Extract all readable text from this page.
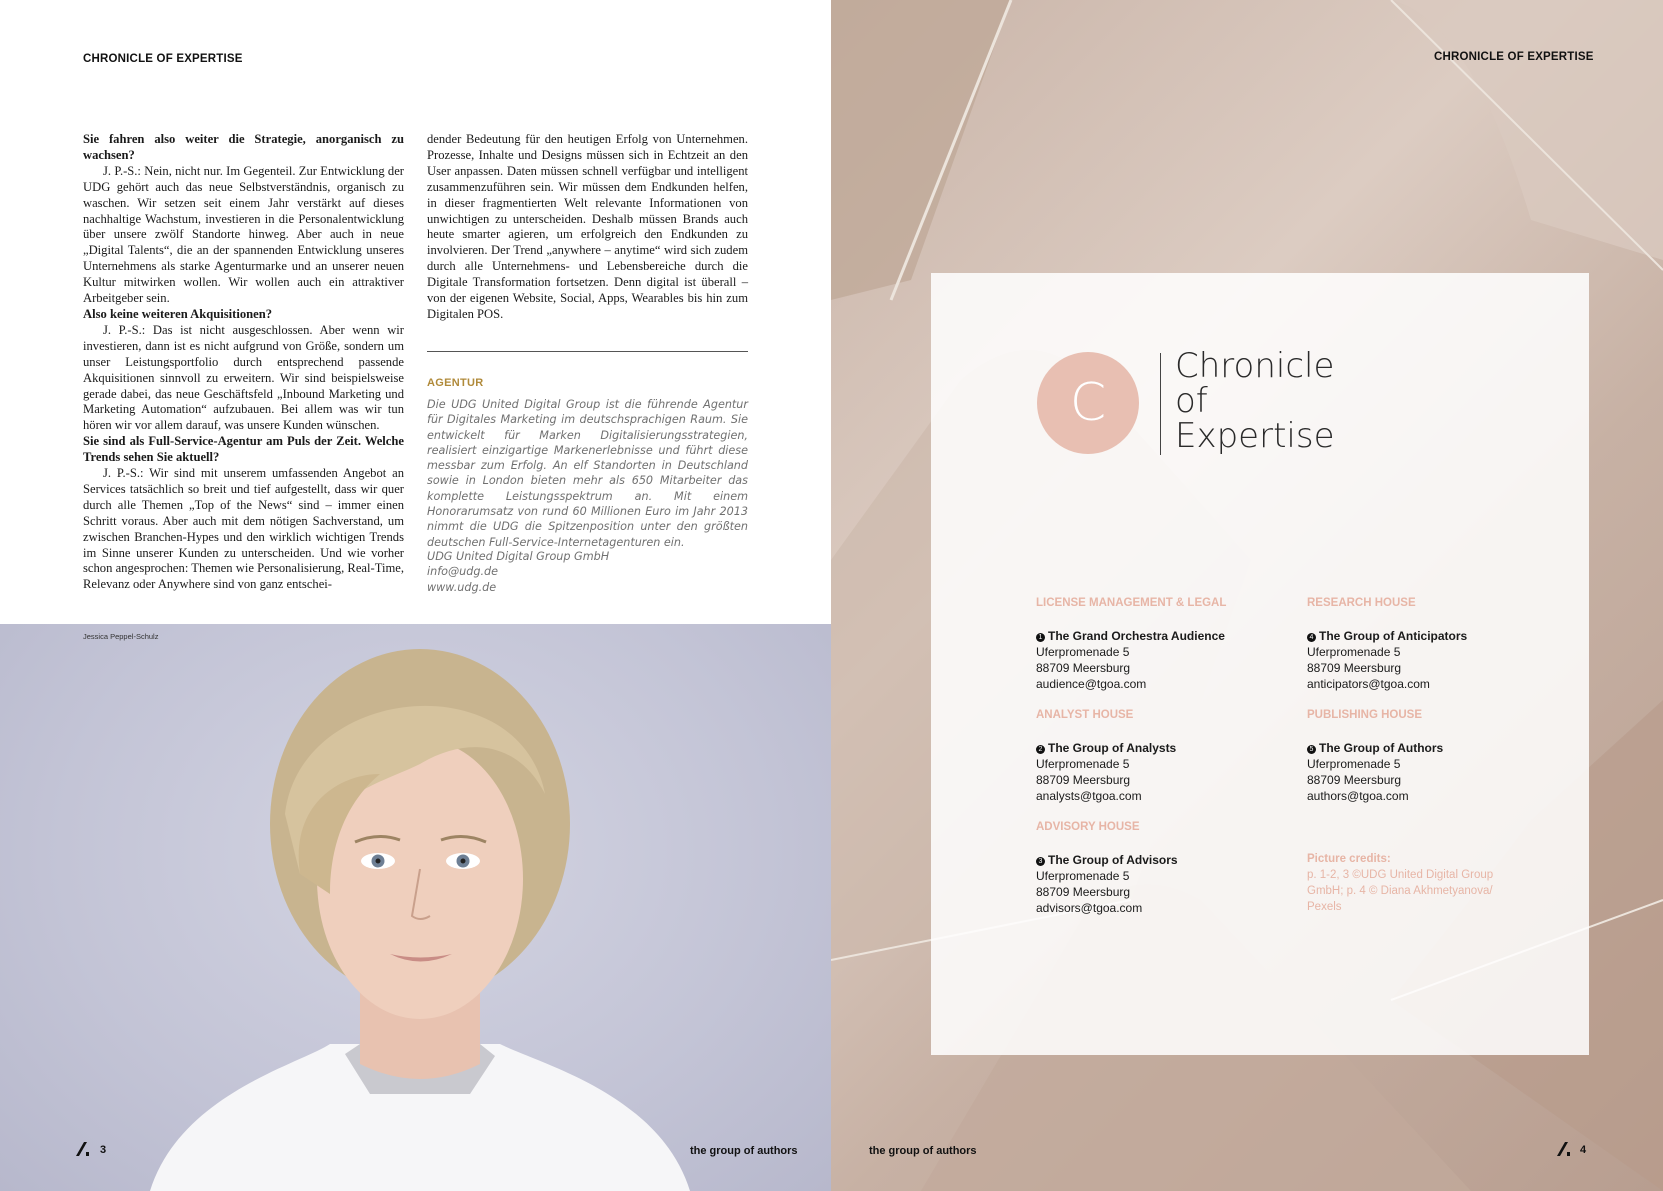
CHRONICLE OF EXPERTISE

Sie fahren also weiter die Strategie, anorganisch zu wachsen?

J. P.-S.: Nein, nicht nur. Im Gegenteil. Zur Entwicklung der UDG gehört auch das neue Selbstverständnis, organisch zu waschen. Wir setzen seit einem Jahr verstärkt auf dieses nachhaltige Wachstum, investieren in die Personalentwicklung über unsere zwölf Standorte hinweg. Aber auch in neue „Digital Talents“, die an der spannenden Entwicklung unseres Unternehmens als starke Agenturmarke und an unserer neuen Kultur mitwirken wollen. Wir wollen auch ein attraktiver Arbeitgeber sein.

Also keine weiteren Akquisitionen?

J. P.-S.: Das ist nicht ausgeschlossen. Aber wenn wir investieren, dann ist es nicht aufgrund von Größe, sondern um unser Leistungsportfolio durch entsprechend passende Akquisitionen sinnvoll zu erweitern. Wir sind beispielsweise gerade dabei, das neue Geschäftsfeld „Inbound Marketing und Marketing Automation“ aufzubauen. Bei allem was wir tun hören wir vor allem darauf, was unsere Kunden wünschen.

Sie sind als Full-Service-Agentur am Puls der Zeit. Welche Trends sehen Sie aktuell?

J. P.-S.: Wir sind mit unserem umfassenden Angebot an Services tatsächlich so breit und tief aufgestellt, dass wir quer durch alle Themen „Top of the News“ sind – immer einen Schritt voraus. Aber auch mit dem nötigen Sachverstand, um zwischen Branchen-Hypes und den wirklich wichtigen Trends im Sinne unserer Kunden zu unterscheiden. Und wie vorher schon angesprochen: Themen wie Personalisierung, Real-Time, Relevanz oder Anywhere sind von ganz entschei-

dender Bedeutung für den heutigen Erfolg von Unternehmen. Prozesse, Inhalte und Designs müssen sich in Echtzeit an den User anpassen. Daten müssen schnell verfügbar und intelligent zusammenzuführen sein. Wir müssen dem Endkunden helfen, in dieser fragmentierten Welt relevante Informationen von unwichtigen zu unterscheiden. Deshalb müssen Brands auch heute smarter agieren, um erfolgreich den Endkunden zu involvieren. Der Trend „anywhere – anytime“ wird sich zudem durch alle Unternehmens- und Lebensbereiche durch die Digitale Transformation fortsetzen. Denn digital ist überall – von der eigenen Website, Social, Apps, Wearables bis hin zum Digitalen POS.

AGENTUR
Die UDG United Digital Group ist die führende Agentur für Digitales Marketing im deutschsprachigen Raum. Sie entwickelt für Marken Digitalisierungsstrategien, realisiert einzigartige Markenerlebnisse und führt diese messbar zum Erfolg. An elf Standorten in Deutschland sowie in London bieten mehr als 650 Mitarbeiter das komplette Leistungsspektrum an. Mit einem Honorarumsatz von rund 60 Millionen Euro im Jahr 2013 nimmt die UDG die Spitzenposition unter den größten deutschen Full-Service-Internetagenturen ein.
UDG United Digital Group GmbH
info@udg.de
www.udg.de
Jessica Peppel-Schulz
3	the group of authors
CHRONICLE OF EXPERTISE
C
Chronicle
of
Expertise
LICENSE MANAGEMENT & LEGAL
1 The Grand Orchestra Audience
Uferpromenade 5
88709 Meersburg
audience@tgoa.com
ANALYST HOUSE
2 The Group of Analysts
Uferpromenade 5
88709 Meersburg
analysts@tgoa.com
ADVISORY HOUSE
3 The Group of Advisors
Uferpromenade 5
88709 Meersburg
advisors@tgoa.com
RESEARCH HOUSE
4 The Group of Anticipators
Uferpromenade 5
88709 Meersburg
anticipators@tgoa.com
PUBLISHING HOUSE
5 The Group of Authors
Uferpromenade 5
88709 Meersburg
authors@tgoa.com
Picture credits:
p. 1-2, 3 ©UDG United Digital Group GmbH; p. 4 © Diana Akhmetyanova/ Pexels
the group of authors	4
